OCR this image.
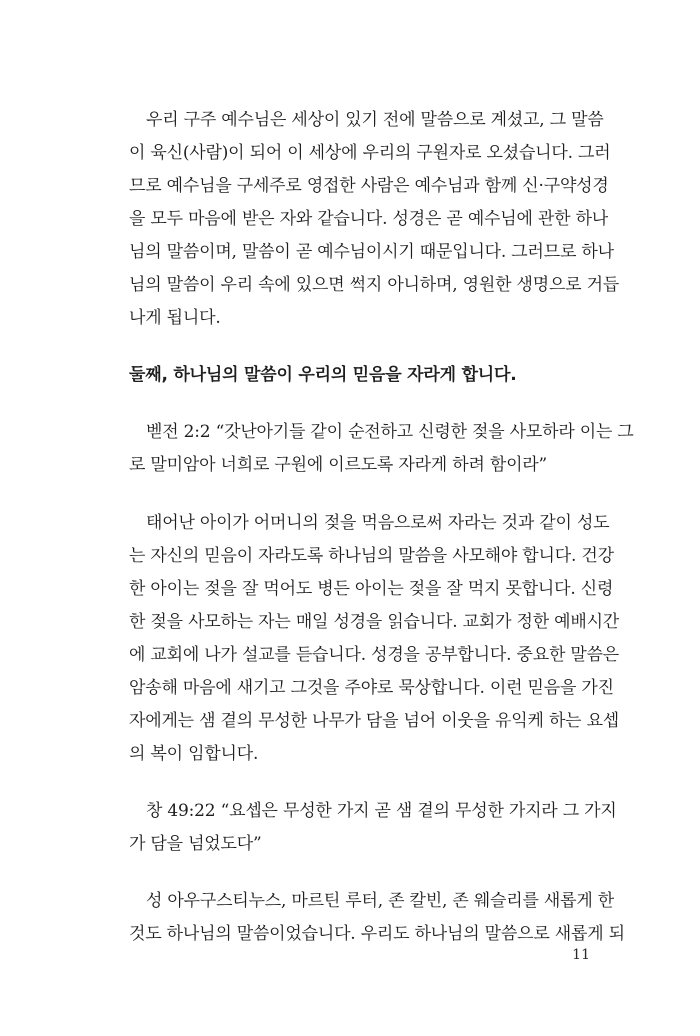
우리 구주 예수님은 세상이 있기 전에 말씀으로 계셨고, 그 말씀
이 육신(사람)이 되어 이 세상에 우리의 구원자로 오셨습니다. 그러
므로 예수님을 구세주로 영접한 사람은 예수님과 함께 신·구약성경
을 모두 마음에 받은 자와 같습니다. 성경은 곧 예수님에 관한 하나
님의 말씀이며, 말씀이 곧 예수님이시기 때문입니다. 그러므로 하나
님의 말씀이 우리 속에 있으면 썩지 아니하며, 영원한 생명으로 거듭
나게 됩니다.
둘째, 하나님의 말씀이 우리의 믿음을 자라게 합니다.
벧전 2:2 “갓난아기들 같이 순전하고 신령한 젖을 사모하라 이는 그
로 말미암아 너희로 구원에 이르도록 자라게 하려 함이라”
태어난 아이가 어머니의 젖을 먹음으로써 자라는 것과 같이 성도
는 자신의 믿음이 자라도록 하나님의 말씀을 사모해야 합니다. 건강
한 아이는 젖을 잘 먹어도 병든 아이는 젖을 잘 먹지 못합니다. 신령
한 젖을 사모하는 자는 매일 성경을 읽습니다. 교회가 정한 예배시간
에 교회에 나가 설교를 듣습니다. 성경을 공부합니다. 중요한 말씀은
암송해 마음에 새기고 그것을 주야로 묵상합니다. 이런 믿음을 가진
자에게는 샘 곁의 무성한 나무가 담을 넘어 이웃을 유익케 하는 요셉
의 복이 임합니다.
창 49:22 “요셉은 무성한 가지 곧 샘 곁의 무성한 가지라 그 가지
가 담을 넘었도다”
성 아우구스티누스, 마르틴 루터, 존 칼빈, 존 웨슬리를 새롭게 한
것도 하나님의 말씀이었습니다. 우리도 하나님의 말씀으로 새롭게 되
11
